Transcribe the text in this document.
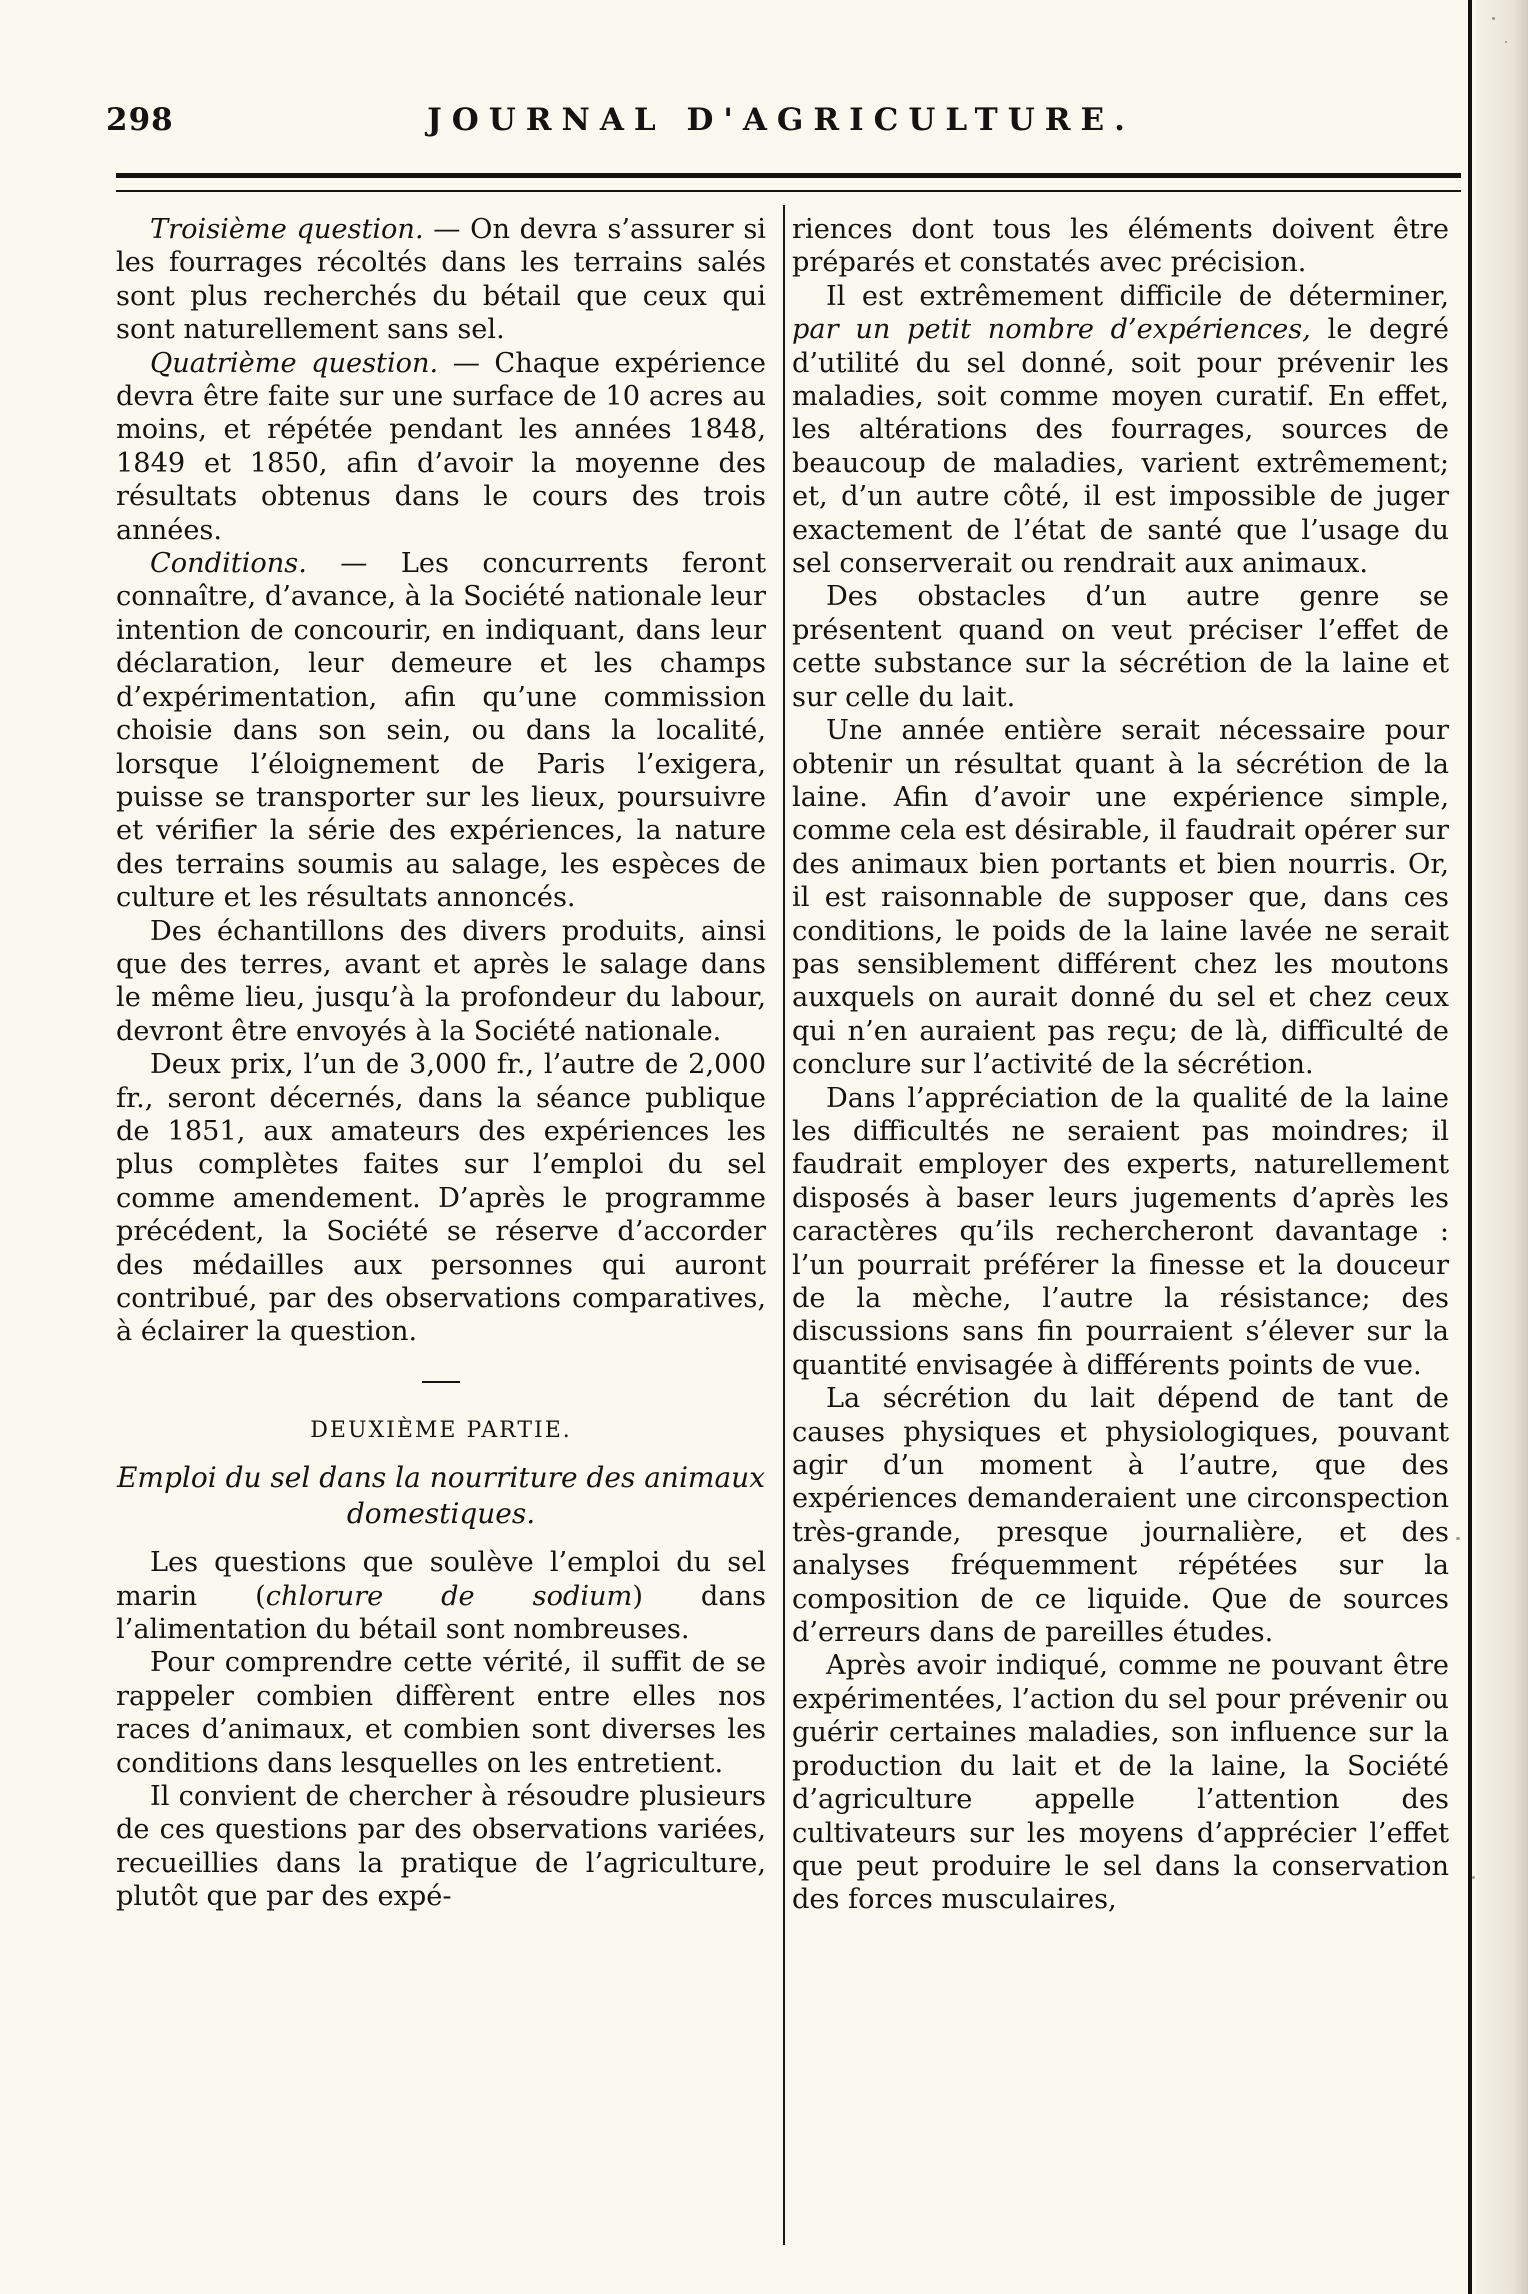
298	JOURNAL D'AGRICULTURE.

Troisième question. — On devra s’assurer si les fourrages récoltés dans les terrains salés sont plus recherchés du bétail que ceux qui sont naturellement sans sel.

Quatrième question. — Chaque expérience devra être faite sur une surface de 10 acres au moins, et répétée pendant les années 1848, 1849 et 1850, afin d’avoir la moyenne des résultats obtenus dans le cours des trois années.

Conditions. — Les concurrents feront connaître, d’avance, à la Société nationale leur intention de concourir, en indiquant, dans leur déclaration, leur demeure et les champs d’expérimentation, afin qu’une commission choisie dans son sein, ou dans la localité, lorsque l’éloignement de Paris l’exigera, puisse se transporter sur les lieux, poursuivre et vérifier la série des expériences, la nature des terrains soumis au salage, les espèces de culture et les résultats annoncés.

Des échantillons des divers produits, ainsi que des terres, avant et après le salage dans le même lieu, jusqu’à la profondeur du labour, devront être envoyés à la Société nationale.

Deux prix, l’un de 3,000 fr., l’autre de 2,000 fr., seront décernés, dans la séance publique de 1851, aux amateurs des expériences les plus complètes faites sur l’emploi du sel comme amendement. D’après le programme précédent, la Société se réserve d’accorder des médailles aux personnes qui auront contribué, par des observations comparatives, à éclairer la question.

DEUXIÈME PARTIE.

Emploi du sel dans la nourriture des animaux domestiques.

Les questions que soulève l’emploi du sel marin (chlorure de sodium) dans l’alimentation du bétail sont nombreuses.

Pour comprendre cette vérité, il suffit de se rappeler combien diffèrent entre elles nos races d’animaux, et combien sont diverses les conditions dans lesquelles on les entretient.

Il convient de chercher à résoudre plusieurs de ces questions par des observations variées, recueillies dans la pratique de l’agriculture, plutôt que par des expé-

riences dont tous les éléments doivent être préparés et constatés avec précision.

Il est extrêmement difficile de déterminer, par un petit nombre d’expériences, le degré d’utilité du sel donné, soit pour prévenir les maladies, soit comme moyen curatif. En effet, les altérations des fourrages, sources de beaucoup de maladies, varient extrêmement; et, d’un autre côté, il est impossible de juger exactement de l’état de santé que l’usage du sel conserverait ou rendrait aux animaux.

Des obstacles d’un autre genre se présentent quand on veut préciser l’effet de cette substance sur la sécrétion de la laine et sur celle du lait.

Une année entière serait nécessaire pour obtenir un résultat quant à la sécrétion de la laine. Afin d’avoir une expérience simple, comme cela est désirable, il faudrait opérer sur des animaux bien portants et bien nourris. Or, il est raisonnable de supposer que, dans ces conditions, le poids de la laine lavée ne serait pas sensiblement différent chez les moutons auxquels on aurait donné du sel et chez ceux qui n’en auraient pas reçu; de là, difficulté de conclure sur l’activité de la sécrétion.

Dans l’appréciation de la qualité de la laine les difficultés ne seraient pas moindres; il faudrait employer des experts, naturellement disposés à baser leurs jugements d’après les caractères qu’ils rechercheront davantage : l’un pourrait préférer la finesse et la douceur de la mèche, l’autre la résistance; des discussions sans fin pourraient s’élever sur la quantité envisagée à différents points de vue.

La sécrétion du lait dépend de tant de causes physiques et physiologiques, pouvant agir d’un moment à l’autre, que des expériences demanderaient une circonspection très-grande, presque journalière, et des analyses fréquemment répétées sur la composition de ce liquide. Que de sources d’erreurs dans de pareilles études.

Après avoir indiqué, comme ne pouvant être expérimentées, l’action du sel pour prévenir ou guérir certaines maladies, son influence sur la production du lait et de la laine, la Société d’agriculture appelle l’attention des cultivateurs sur les moyens d’apprécier l’effet que peut produire le sel dans la conservation des forces musculaires,
